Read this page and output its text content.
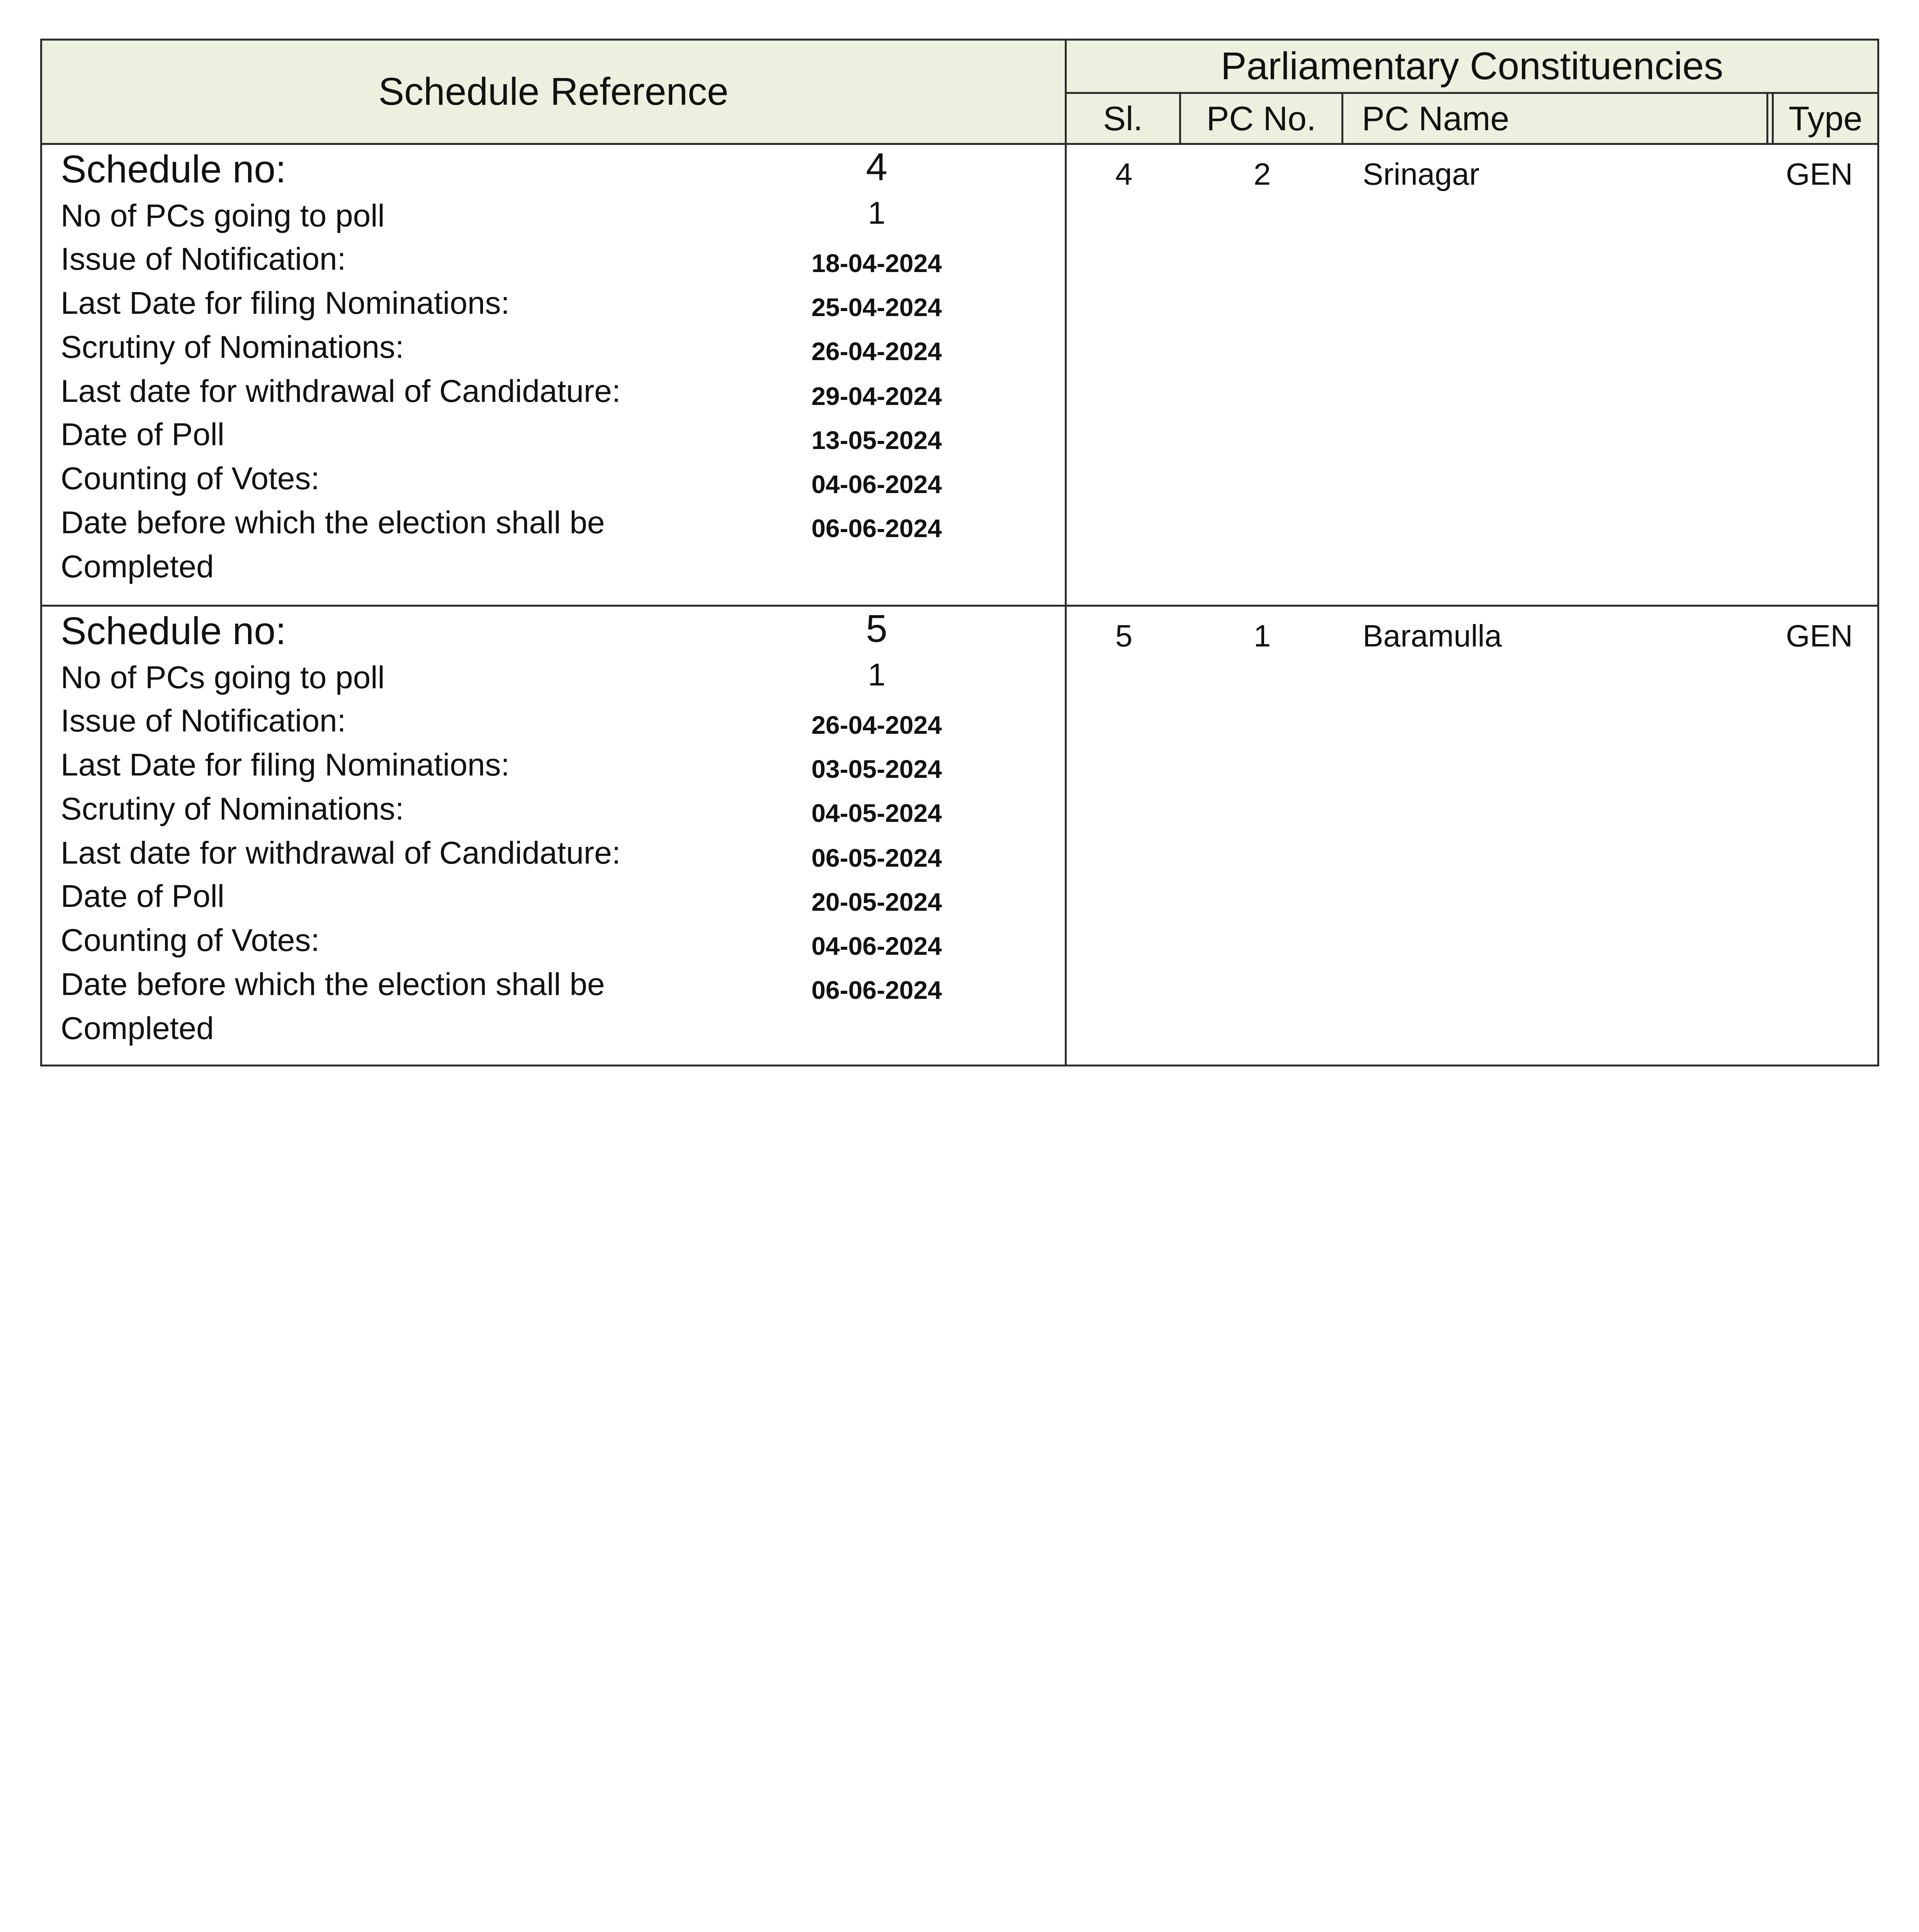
Schedule Reference
Parliamentary Constituencies
Sl.	PC No.	PC Name	Type
Schedule no:	4
No of PCs going to poll	1
Issue of Notification:	18-04-2024
Last Date for filing Nominations:	25-04-2024
Scrutiny of Nominations:	26-04-2024
Last date for withdrawal of Candidature:	29-04-2024
Date of Poll	13-05-2024
Counting of Votes:	04-06-2024
Date before which the election shall be	06-06-2024
Completed
4	2	Srinagar	GEN
Schedule no:	5
No of PCs going to poll	1
Issue of Notification:	26-04-2024
Last Date for filing Nominations:	03-05-2024
Scrutiny of Nominations:	04-05-2024
Last date for withdrawal of Candidature:	06-05-2024
Date of Poll	20-05-2024
Counting of Votes:	04-06-2024
Date before which the election shall be	06-06-2024
Completed
5	1	Baramulla	GEN
